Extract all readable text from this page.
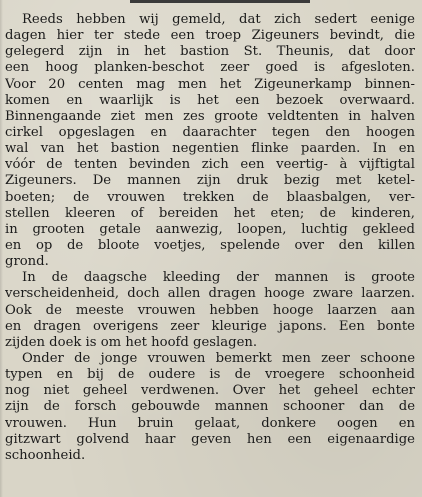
Reeds hebben wij gemeld, dat zich sedert eenige
dagen hier ter stede een troep Zigeuners bevindt, die
gelegerd zijn in het bastion St. Theunis, dat door
een hoog planken-beschot zeer goed is afgesloten.
Voor 20 centen mag men het Zigeunerkamp binnen-
komen en waarlijk is het een bezoek overwaard.
Binnengaande ziet men zes groote veldtenten in halven
cirkel opgeslagen en daarachter tegen den hoogen
wal van het bastion negentien flinke paarden. In en
vóór de tenten bevinden zich een veertig- à vijftigtal
Zigeuners. De mannen zijn druk bezig met ketel-
boeten; de vrouwen trekken de blaasbalgen, ver-
stellen kleeren of bereiden het eten; de kinderen,
in grooten getale aanwezig, loopen, luchtig gekleed
en op de bloote voetjes, spelende over den killen
grond.
In de daagsche kleeding der mannen is groote
verscheidenheid, doch allen dragen hooge zware laarzen.
Ook de meeste vrouwen hebben hooge laarzen aan
en dragen overigens zeer kleurige japons. Een bonte
zijden doek is om het hoofd geslagen.
Onder de jonge vrouwen bemerkt men zeer schoone
typen en bij de oudere is de vroegere schoonheid
nog niet geheel verdwenen. Over het geheel echter
zijn de forsch gebouwde mannen schooner dan de
vrouwen. Hun bruin gelaat, donkere oogen en
gitzwart golvend haar geven hen een eigenaardige
schoonheid.
